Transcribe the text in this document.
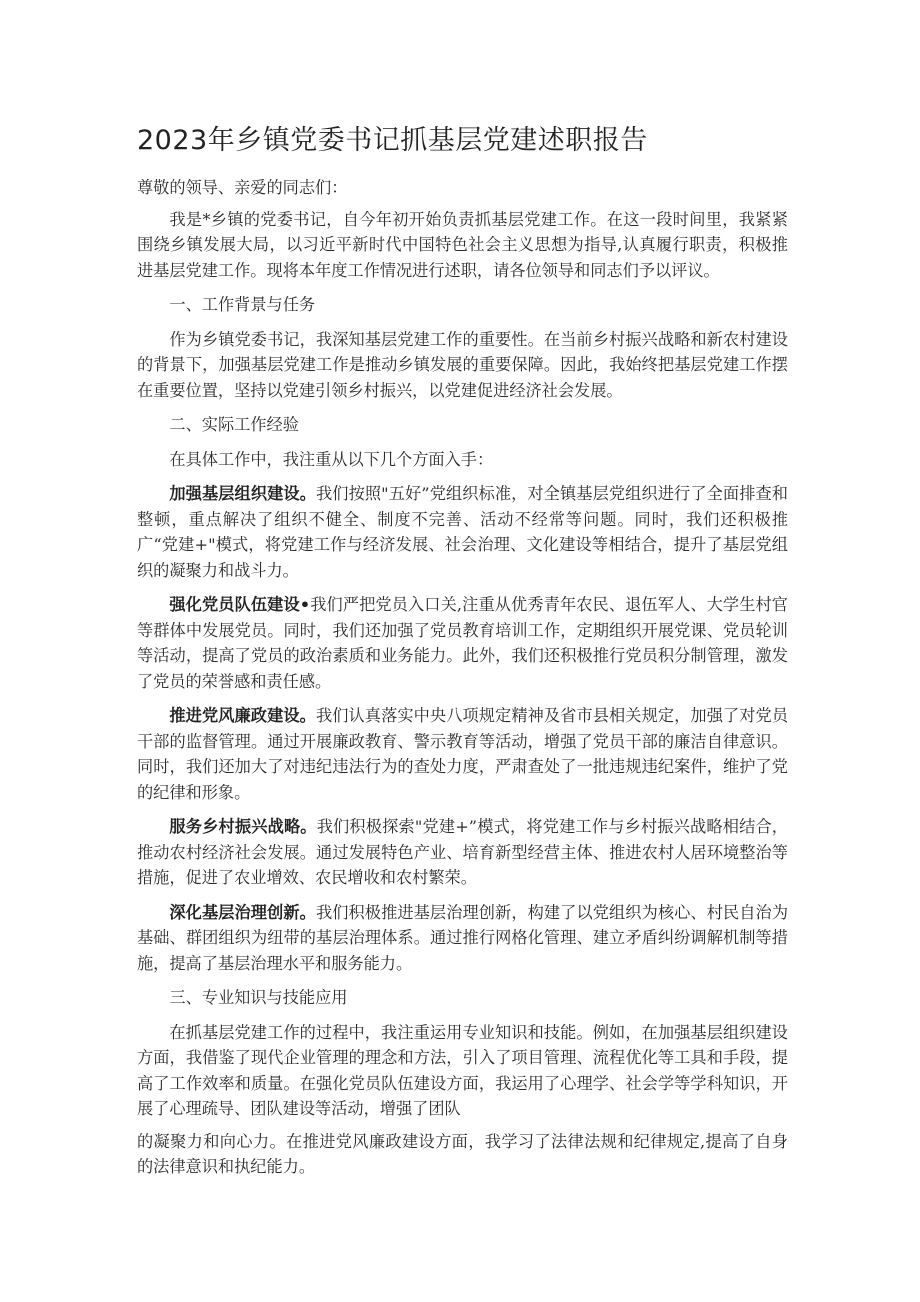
2023年乡镇党委书记抓基层党建述职报告

尊敬的领导、亲爱的同志们：

我是*乡镇的党委书记，自今年初开始负责抓基层党建工作。在这一段时间里，我紧紧围绕乡镇发展大局，以习近平新时代中国特色社会主义思想为指导,认真履行职责，积极推进基层党建工作。现将本年度工作情况进行述职，请各位领导和同志们予以评议。

一、工作背景与任务

作为乡镇党委书记，我深知基层党建工作的重要性。在当前乡村振兴战略和新农村建设的背景下，加强基层党建工作是推动乡镇发展的重要保障。因此，我始终把基层党建工作摆在重要位置，坚持以党建引领乡村振兴，以党建促进经济社会发展。

二、实际工作经验

在具体工作中，我注重从以下几个方面入手：

加强基层组织建设。我们按照"五好”党组织标准，对全镇基层党组织进行了全面排查和整顿，重点解决了组织不健全、制度不完善、活动不经常等问题。同时，我们还积极推广“党建+"模式，将党建工作与经济发展、社会治理、文化建设等相结合，提升了基层党组织的凝聚力和战斗力。

强化党员队伍建设•我们严把党员入口关,注重从优秀青年农民、退伍军人、大学生村官等群体中发展党员。同时，我们还加强了党员教育培训工作，定期组织开展党课、党员轮训等活动，提高了党员的政治素质和业务能力。此外，我们还积极推行党员积分制管理，激发了党员的荣誉感和责任感。

推进党风廉政建设。我们认真落实中央八项规定精神及省市县相关规定，加强了对党员干部的监督管理。通过开展廉政教育、警示教育等活动，增强了党员干部的廉洁自律意识。同时，我们还加大了对违纪违法行为的查处力度，严肃查处了一批违规违纪案件，维护了党的纪律和形象。

服务乡村振兴战略。我们积极探索"党建+”模式，将党建工作与乡村振兴战略相结合，推动农村经济社会发展。通过发展特色产业、培育新型经营主体、推进农村人居环境整治等措施，促进了农业增效、农民增收和农村繁荣。

深化基层治理创新。我们积极推进基层治理创新，构建了以党组织为核心、村民自治为基础、群团组织为纽带的基层治理体系。通过推行网格化管理、建立矛盾纠纷调解机制等措施，提高了基层治理水平和服务能力。

三、专业知识与技能应用

在抓基层党建工作的过程中，我注重运用专业知识和技能。例如，在加强基层组织建设方面，我借鉴了现代企业管理的理念和方法，引入了项目管理、流程优化等工具和手段，提高了工作效率和质量。在强化党员队伍建设方面，我运用了心理学、社会学等学科知识，开展了心理疏导、团队建设等活动，增强了团队

的凝聚力和向心力。在推进党风廉政建设方面，我学习了法律法规和纪律规定,提高了自身的法律意识和执纪能力。
